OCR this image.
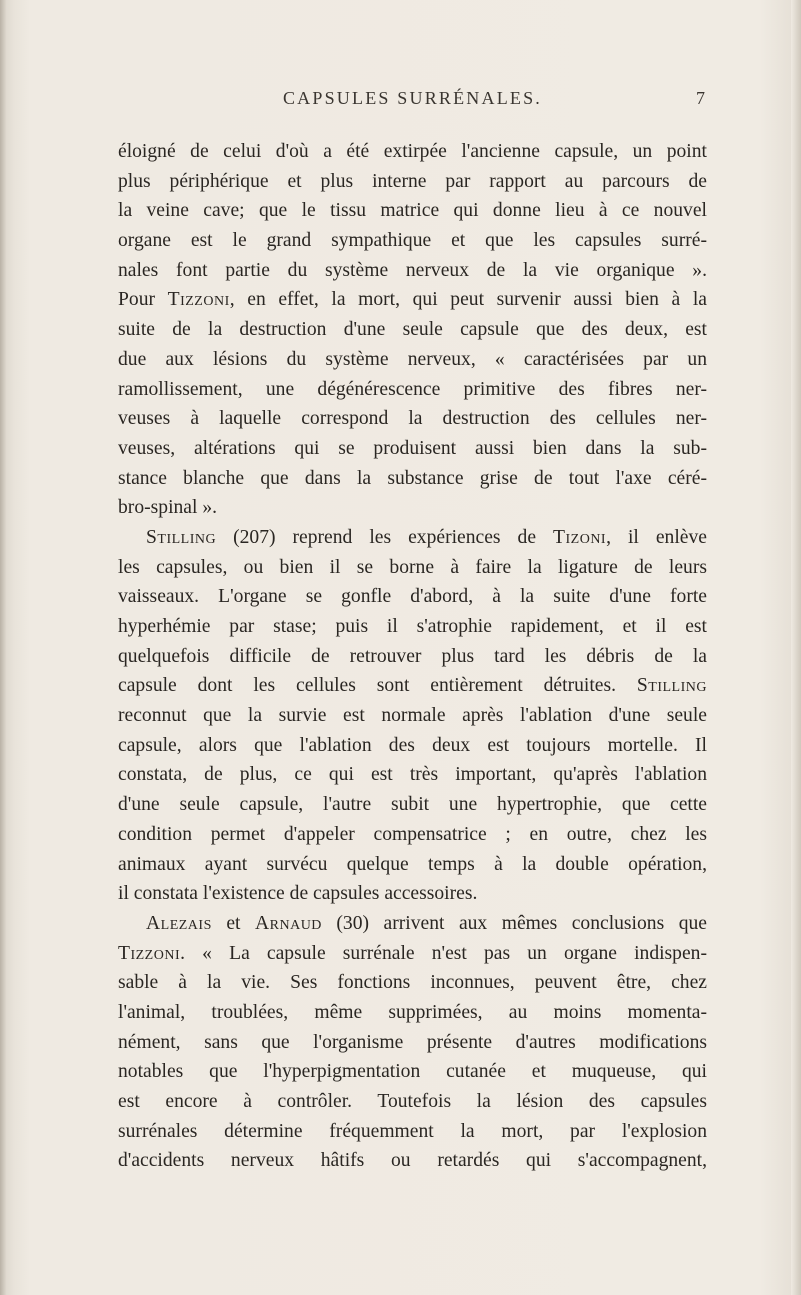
CAPSULES SURRÉNALES.	7
éloigné de celui d'où a été extirpée l'ancienne capsule, un point
plus périphérique et plus interne par rapport au parcours de
la veine cave; que le tissu matrice qui donne lieu à ce nouvel
organe est le grand sympathique et que les capsules surré-
nales font partie du système nerveux de la vie organique ».
Pour Tizzoni, en effet, la mort, qui peut survenir aussi bien à la
suite de la destruction d'une seule capsule que des deux, est
due aux lésions du système nerveux, « caractérisées par un
ramollissement, une dégénérescence primitive des fibres ner-
veuses à laquelle correspond la destruction des cellules ner-
veuses, altérations qui se produisent aussi bien dans la sub-
stance blanche que dans la substance grise de tout l'axe céré-
bro-spinal ».
Stilling (207) reprend les expériences de Tizoni, il enlève
les capsules, ou bien il se borne à faire la ligature de leurs
vaisseaux. L'organe se gonfle d'abord, à la suite d'une forte
hyperhémie par stase; puis il s'atrophie rapidement, et il est
quelquefois difficile de retrouver plus tard les débris de la
capsule dont les cellules sont entièrement détruites. Stilling
reconnut que la survie est normale après l'ablation d'une seule
capsule, alors que l'ablation des deux est toujours mortelle. Il
constata, de plus, ce qui est très important, qu'après l'ablation
d'une seule capsule, l'autre subit une hypertrophie, que cette
condition permet d'appeler compensatrice ; en outre, chez les
animaux ayant survécu quelque temps à la double opération,
il constata l'existence de capsules accessoires.
Alezais et Arnaud (30) arrivent aux mêmes conclusions que
Tizzoni. « La capsule surrénale n'est pas un organe indispen-
sable à la vie. Ses fonctions inconnues, peuvent être, chez
l'animal, troublées, même supprimées, au moins momenta-
nément, sans que l'organisme présente d'autres modifications
notables que l'hyperpigmentation cutanée et muqueuse, qui
est encore à contrôler. Toutefois la lésion des capsules
surrénales détermine fréquemment la mort, par l'explosion
d'accidents nerveux hâtifs ou retardés qui s'accompagnent,
